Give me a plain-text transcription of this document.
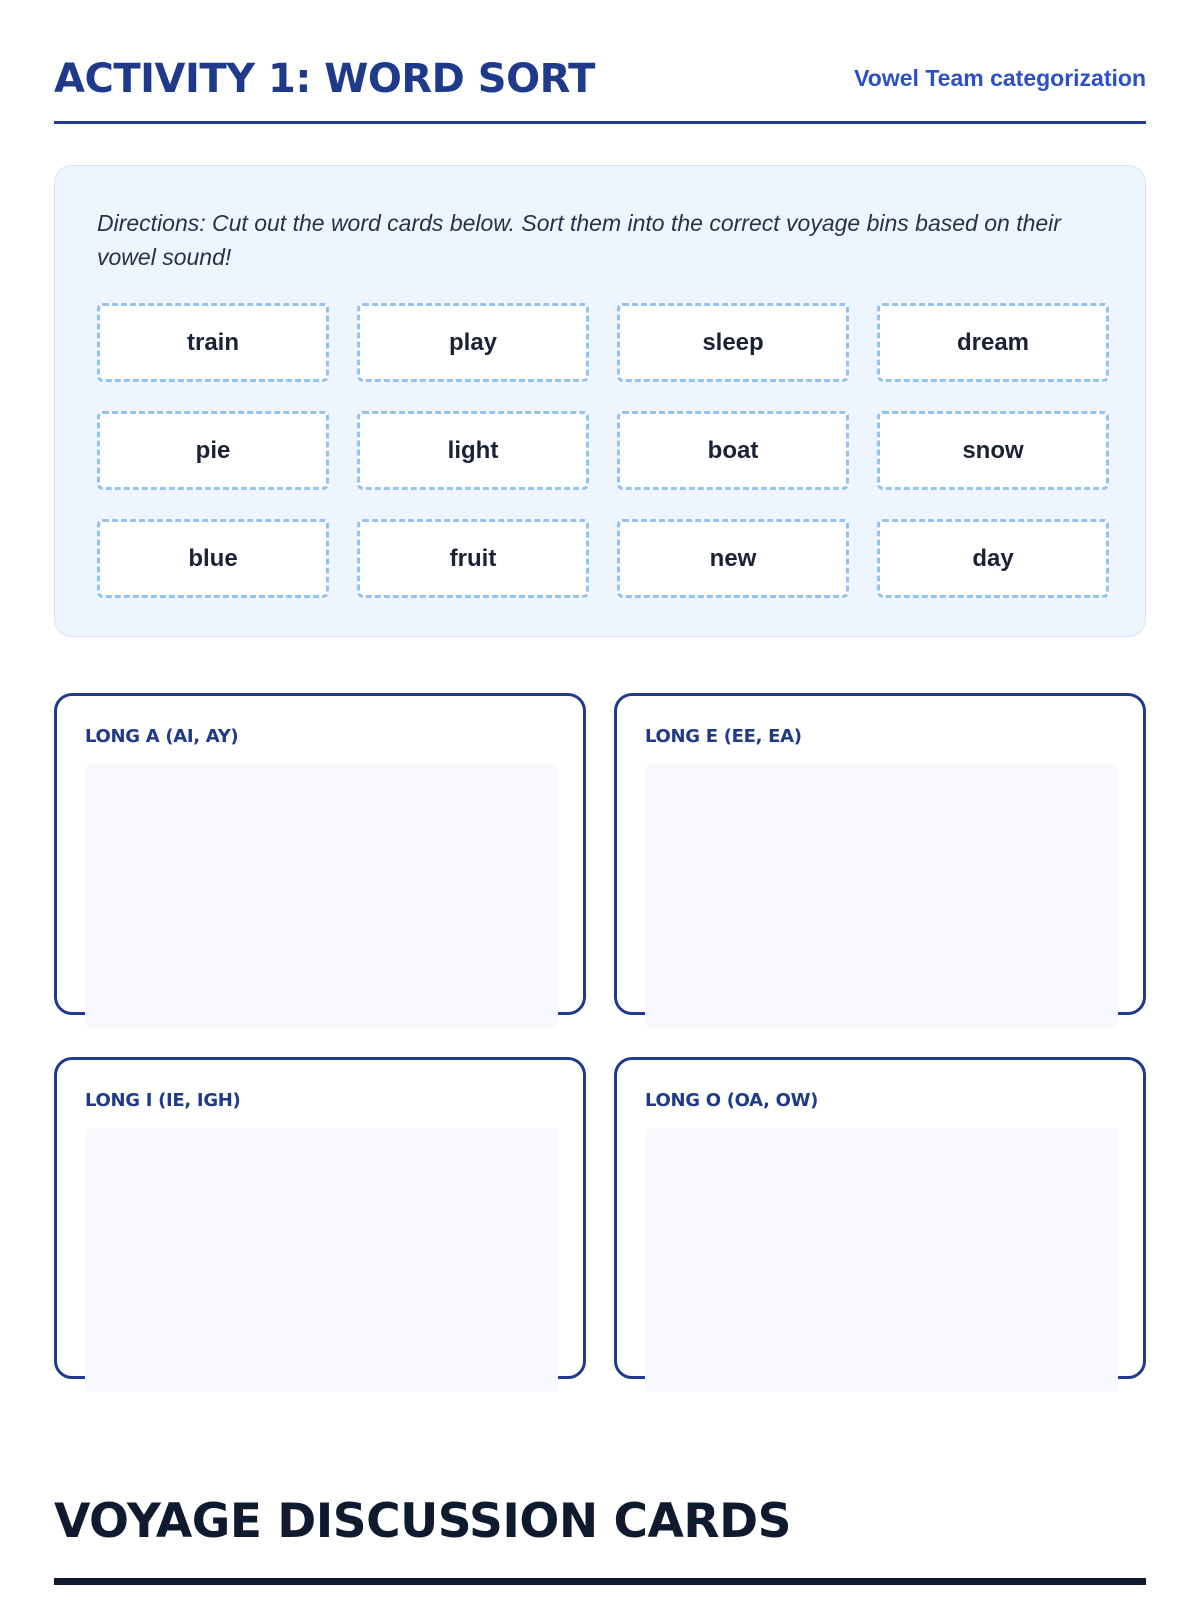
ACTIVITY 1: WORD SORT	Vowel Team categorization

Directions: Cut out the word cards below. Sort them into the correct voyage bins based on their vowel sound!

train	play	sleep	dream
pie	light	boat	snow
blue	fruit	new	day
LONG A (AI, AY)	LONG E (EE, EA)
LONG I (IE, IGH)	LONG O (OA, OW)
VOYAGE DISCUSSION CARDS
